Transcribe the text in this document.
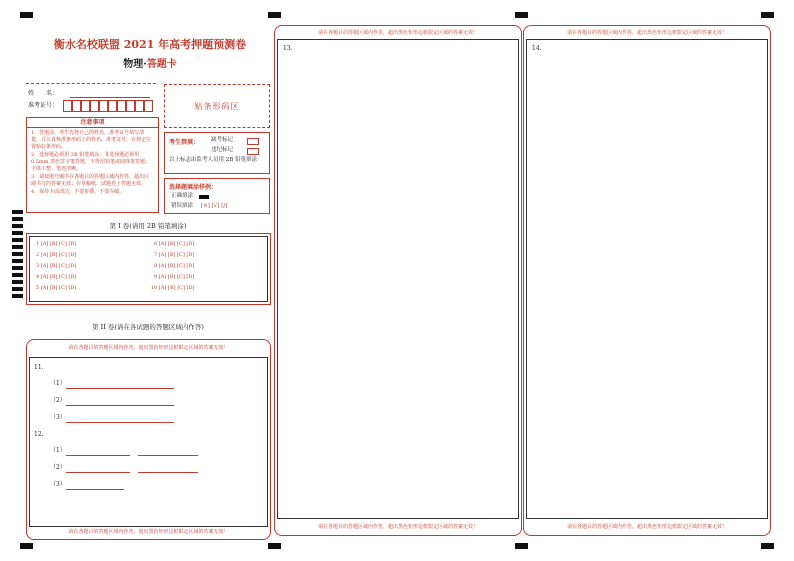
衡水名校联盟 2021 年高考押题预测卷
物理·答题卡
姓　　名：
准考证号：	贴条形码区
注意事项
1．答题前，考生先将自己的姓名，准考证号填写清楚，并认真核准条形码上的姓名、准考证号，在规定位置贴好条形码。
2．选择题必须用 2B 铅笔填涂；非选择题必须用 0.5mm 黑色签字笔答题，不得用铅笔或圆珠笔答题；字体工整、笔迹清晰。
3．请按题号顺序在各题目的答题区域内作答，超出区域书写的答案无效；在草稿纸、试题卷上答题无效。
4．保持卡面清洁，不要折叠、不要弄破。
考生禁填： 缺考标记
违纪标记
以上标志由监考人员用 2B 铅笔填涂
选择题填涂样例：
正确填涂
错误填涂 [×] [√] [/]
第 I 卷(请用 2B 铅笔填涂)
1 [A] [B] [C] [D]
2 [A] [B] [C] [D]
3 [A] [B] [C] [D]
4 [A] [B] [C] [D]
5 [A] [B] [C] [D]
6 [A] [B] [C] [D]
7 [A] [B] [C] [D]
8 [A] [B] [C] [D]
9 [A] [B] [C] [D]
10 [A] [B] [C] [D]
第 II 卷(请在各试题的答题区域内作答)
请在各题目的答题区域内作答，超出黑色矩形边框限定区域的答案无效！
请在各题目的答题区域内作答，超出黑色矩形边框限定区域的答案无效！
11.
（1）
（2）
（3）
12.
（1）
（2）
（3）
请在各题目的答题区域内作答，超出黑色矩形边框限定区域的答案无效！
请在各题目的答题区域内作答，超出黑色矩形边框限定区域的答案无效！
13.
请在各题目的答题区域内作答，超出黑色矩形边框限定区域的答案无效！
请在各题目的答题区域内作答，超出黑色矩形边框限定区域的答案无效！
14.
